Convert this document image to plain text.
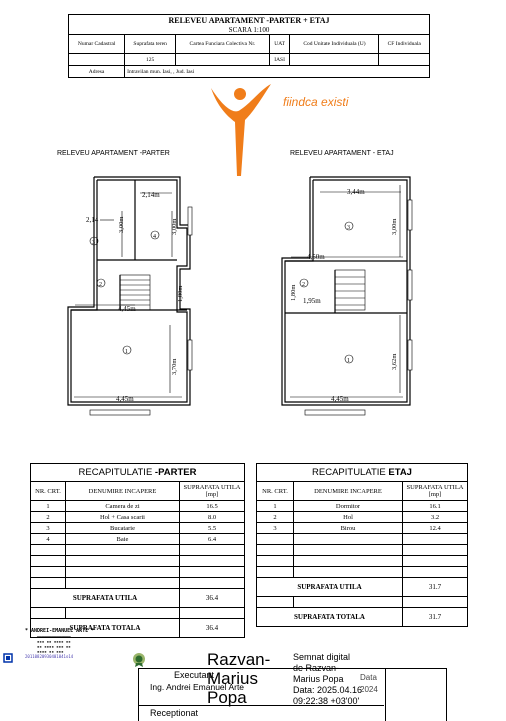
RELEVEU APARTAMENT -PARTER + ETAJ					
SCARA 1:100					
Numar Cadastral	Suprafata teren	Cartea Funciara Colectiva Nr.	UAT	Cod Unitate Individuala (U)	CF Individuala
	125		IASI		
Adresa	Intravilan mun. Iasi, , Jud. Iasi				
fiindca existi
RELEVEU APARTAMENT -PARTER	RELEVEU APARTAMENT - ETAJ
2,14m
2,14	3,00m	3,00m
1,80m
4,45m
3,70m
4,45m
3
4
2
1
3,44m
3,00m
4,50m
1,80m 1,95m
3,62m
4,45m
3
2
1
RECAPITULATIE -PARTER		
NR. CRT.	DENUMIRE INCAPERE	SUPRAFATA UTILA [mp]
1	Camera de zi	16.5
2	Hol + Casa scarii	8.0
3	Bucatarie	5.5
4	Baie	6.4

SUPRAFATA UTILA		36.4

SUPRAFATA TOTALA		36.4
RECAPITULATIE ETAJ		
NR. CRT.	DENUMIRE INCAPERE	SUPRAFATA UTILA [mp]
1	Dormitor	16.1
2	Hol	3.2
3	Birou	12.4

SUPRAFATA UTILA		31.7

SUPRAFATA TOTALA		31.7
* ANDREI-EMANUEL ARTE *
━━━━━━━━━━━━━━
▪▪▪ ▪▪ ▪▪▪▪ ▪▪
▪▪ ▪▪▪▪ ▪▪▪ ▪▪
▪▪▪▪ ▪▪ ▪▪▪
20110820930401041o14
Executant
Ing. Andrei Emanuel Arte
Receptionat
Razvan-
Marius
Popa
Semnat digital
de Razvan-
Marius Popa
Data: 2025.04.16
09:22:38 +03'00'
Data
2024
